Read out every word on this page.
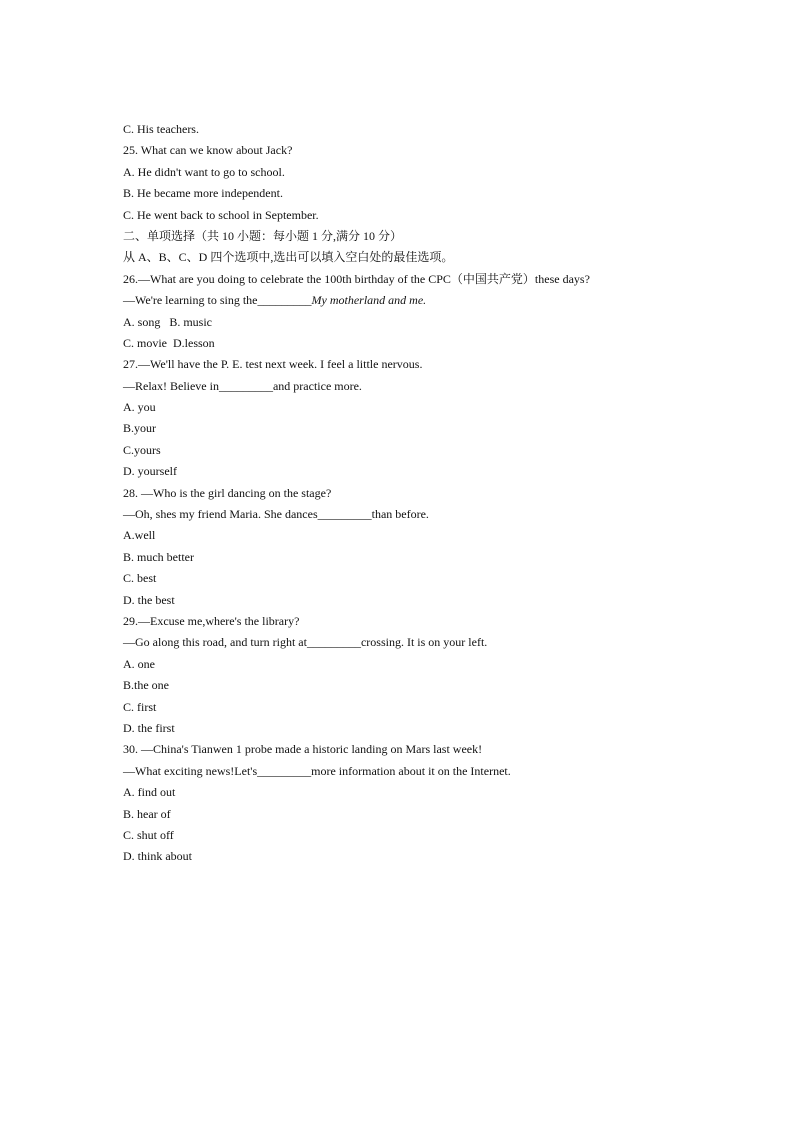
C. His teachers.
25. What can we know about Jack?
A. He didn't want to go to school.
B. He became more independent.
C. He went back to school in September.
二、单项选择（共 10 小题：每小题 1 分,满分 10 分）
从 A、B、C、D 四个选项中,选出可以填入空白处的最佳选项。
26.—What are you doing to celebrate the 100th birthday of the CPC（中国共产党）these days?
—We're learning to sing the_________My motherland and me.
A. song   B. music
C. movie  D.lesson
27.—We'll have the P. E. test next week. I feel a little nervous.
—Relax! Believe in_________and practice more.
A. you
B.your
C.yours
D. yourself
28. —Who is the girl dancing on the stage?
—Oh, shes my friend Maria. She dances_________than before.
A.well
B. much better
C. best
D. the best
29.—Excuse me,where's the library?
—Go along this road, and turn right at_________crossing. It is on your left.
A. one
B.the one
C. first
D. the first
30. —China's Tianwen 1 probe made a historic landing on Mars last week!
—What exciting news!Let's_________more information about it on the Internet.
A. find out
B. hear of
C. shut off
D. think about
